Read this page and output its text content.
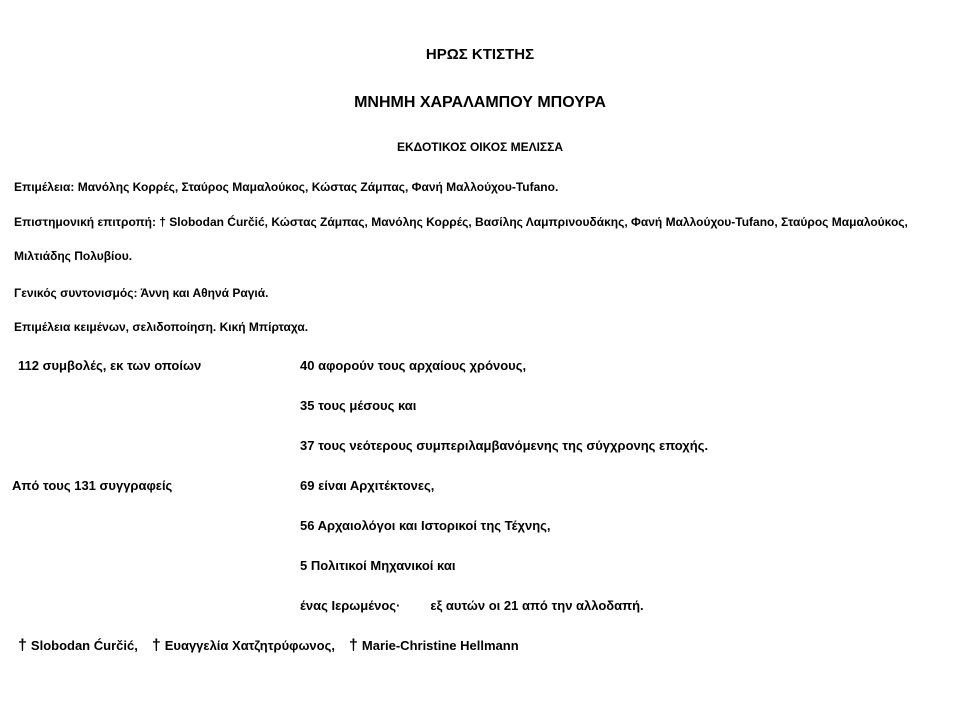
ΗΡΩΣ ΚΤΙΣΤΗΣ
ΜΝΗΜΗ ΧΑΡΑΛΑΜΠΟΥ ΜΠΟΥΡΑ
ΕΚΔΟΤΙΚΟΣ ΟΙΚΟΣ ΜΕΛΙΣΣΑ
Επιμέλεια: Μανόλης Κορρές, Σταύρος Μαμαλούκος, Κώστας Ζάμπας, Φανή Μαλλούχου-Tufano.
Επιστημονική επιτροπή: † Slobodan Ćurčić, Κώστας Ζάμπας, Μανόλης Κορρές, Βασίλης Λαμπρινουδάκης, Φανή Μαλλούχου-Tufano, Σταύρος Μαμαλούκος, Μιλτιάδης Πολυβίου.
Γενικός συντονισμός: Άννη και Αθηνά Ραγιά.
Επιμέλεια κειμένων, σελιδοποίηση. Κική Μπίρταχα.
112 συμβολές, εκ των οποίων	40 αφορούν τους αρχαίους χρόνους,
35 τους μέσους και
37 τους νεότερους συμπεριλαμβανόμενης της σύγχρονης εποχής.
Από τους 131 συγγραφείς	69 είναι Αρχιτέκτονες,
56 Αρχαιολόγοι και Ιστορικοί της Τέχνης,
5 Πολιτικοί Μηχανικοί και
ένας Ιερωμένος· εξ αυτών οι 21 από την αλλοδαπή.
† Slobodan Ćurčić, † Ευαγγελία Χατζητρύφωνος, † Marie-Christine Hellmann
